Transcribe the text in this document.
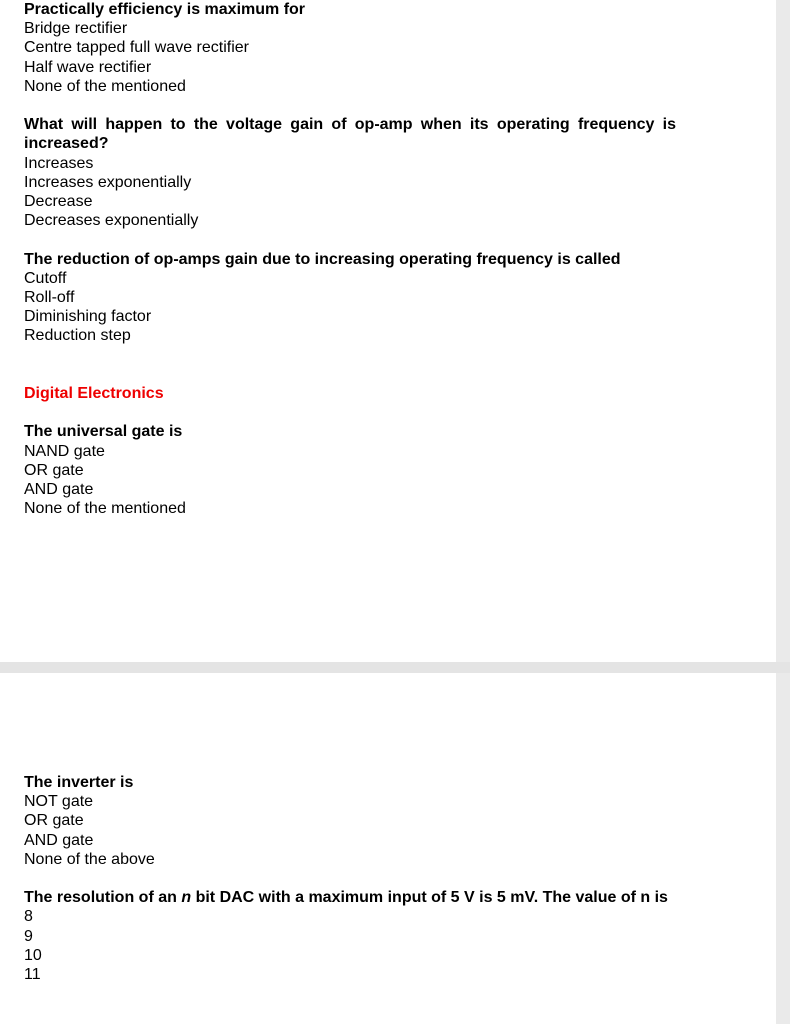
Practically efficiency is maximum for

Bridge rectifier

Centre tapped full wave rectifier

Half wave rectifier

None of the mentioned

What will happen to the voltage gain of op-amp when its operating frequency is increased?

Increases

Increases exponentially

Decrease

Decreases exponentially

The reduction of op-amps gain due to increasing operating frequency is called

Cutoff

Roll-off

Diminishing factor

Reduction step

Digital Electronics

The universal gate is

NAND gate

OR gate

AND gate

None of the mentioned

The inverter is

NOT gate

OR gate

AND gate

None of the above

The resolution of an n bit DAC with a maximum input of 5 V is 5 mV. The value of n is

8

9

10

11
